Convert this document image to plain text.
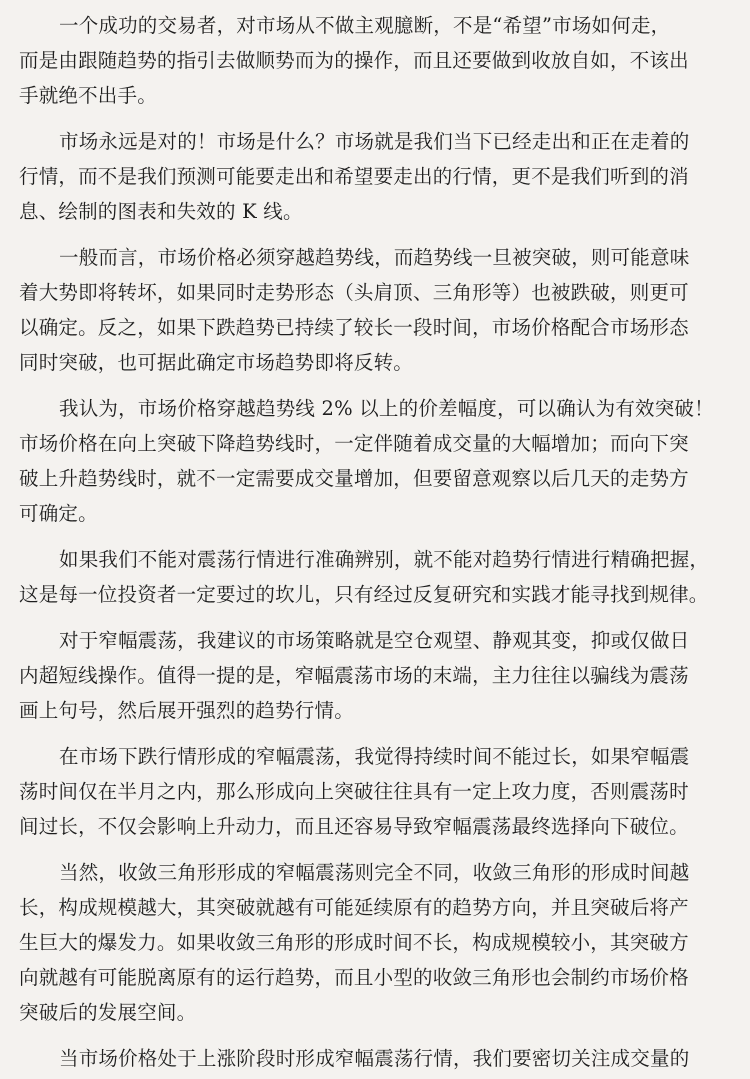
一个成功的交易者，对市场从不做主观臆断，不是“希望”市场如何走，
而是由跟随趋势的指引去做顺势而为的操作，而且还要做到收放自如，不该出
手就绝不出手。

市场永远是对的！市场是什么？市场就是我们当下已经走出和正在走着的
行情，而不是我们预测可能要走出和希望要走出的行情，更不是我们听到的消
息、绘制的图表和失效的 K 线。

一般而言，市场价格必须穿越趋势线，而趋势线一旦被突破，则可能意味
着大势即将转坏，如果同时走势形态（头肩顶、三角形等）也被跌破，则更可
以确定。反之，如果下跌趋势已持续了较长一段时间，市场价格配合市场形态
同时突破，也可据此确定市场趋势即将反转。

我认为，市场价格穿越趋势线 2% 以上的价差幅度，可以确认为有效突破！
市场价格在向上突破下降趋势线时，一定伴随着成交量的大幅增加；而向下突
破上升趋势线时，就不一定需要成交量增加，但要留意观察以后几天的走势方
可确定。

如果我们不能对震荡行情进行准确辨别，就不能对趋势行情进行精确把握，
这是每一位投资者一定要过的坎儿，只有经过反复研究和实践才能寻找到规律。

对于窄幅震荡，我建议的市场策略就是空仓观望、静观其变，抑或仅做日
内超短线操作。值得一提的是，窄幅震荡市场的末端，主力往往以骗线为震荡
画上句号，然后展开强烈的趋势行情。

在市场下跌行情形成的窄幅震荡，我觉得持续时间不能过长，如果窄幅震
荡时间仅在半月之内，那么形成向上突破往往具有一定上攻力度，否则震荡时
间过长，不仅会影响上升动力，而且还容易导致窄幅震荡最终选择向下破位。

当然，收敛三角形形成的窄幅震荡则完全不同，收敛三角形的形成时间越
长，构成规模越大，其突破就越有可能延续原有的趋势方向，并且突破后将产
生巨大的爆发力。如果收敛三角形的形成时间不长，构成规模较小，其突破方
向就越有可能脱离原有的运行趋势，而且小型的收敛三角形也会制约市场价格
突破后的发展空间。

当市场价格处于上涨阶段时形成窄幅震荡行情，我们要密切关注成交量的
